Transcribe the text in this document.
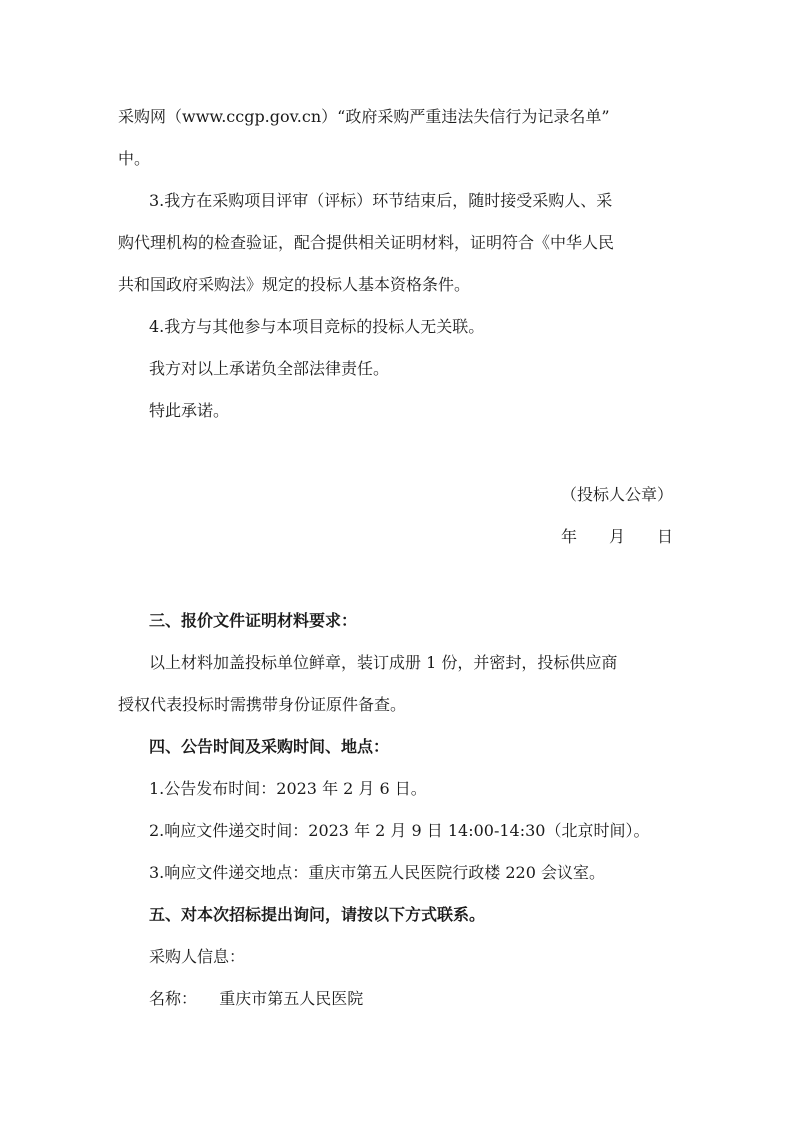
采购网（www.ccgp.gov.cn）“政府采购严重违法失信行为记录名单”
中。
3.我方在采购项目评审（评标）环节结束后，随时接受采购人、采
购代理机构的检查验证，配合提供相关证明材料，证明符合《中华人民
共和国政府采购法》规定的投标人基本资格条件。
4.我方与其他参与本项目竞标的投标人无关联。
我方对以上承诺负全部法律责任。
特此承诺。
（投标人公章）
年　　月　　日
三、报价文件证明材料要求：
以上材料加盖投标单位鲜章，装订成册 1 份，并密封，投标供应商
授权代表投标时需携带身份证原件备查。
四、公告时间及采购时间、地点：
1.公告发布时间：2023 年 2 月 6 日。
2.响应文件递交时间：2023 年 2 月 9 日 14:00-14:30（北京时间）。
3.响应文件递交地点：重庆市第五人民医院行政楼 220 会议室。
五、对本次招标提出询问，请按以下方式联系。
采购人信息：
名称： 重庆市第五人民医院
